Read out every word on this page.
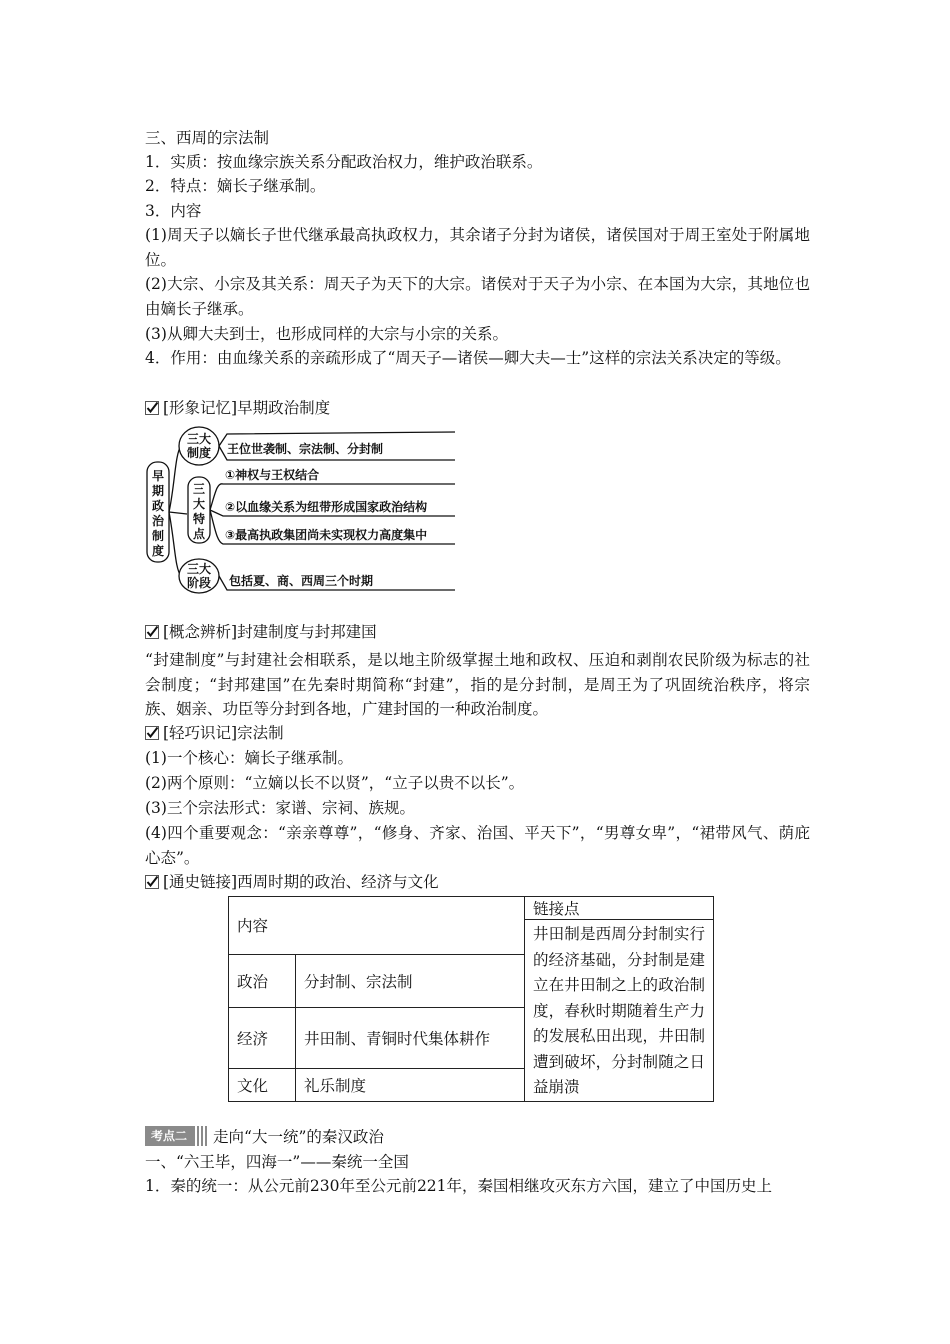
三、西周的宗法制
1．实质：按血缘宗族关系分配政治权力，维护政治联系。
2．特点：嫡长子继承制。
3．内容
(1)周天子以嫡长子世代继承最高执政权力，其余诸子分封为诸侯，诸侯国对于周王室处于附属地位。
(2)大宗、小宗及其关系：周天子为天下的大宗。诸侯对于天子为小宗、在本国为大宗，其地位也由嫡长子继承。
(3)从卿大夫到士，也形成同样的大宗与小宗的关系。
4．作用：由血缘关系的亲疏形成了“周天子—诸侯—卿大夫—士”这样的宗法关系决定的等级。
[形象记忆]早期政治制度
早
期
政
治
制
度
三大
制度 王位世袭制、宗法制、分封制
三
大
特
点
①神权与王权结合
②以血缘关系为纽带形成国家政治结构
③最高执政集团尚未实现权力高度集中
三大
阶段 包括夏、商、西周三个时期
[概念辨析]封建制度与封邦建国
“封建制度”与封建社会相联系，是以地主阶级掌握土地和政权、压迫和剥削农民阶级为标志的社会制度；“封邦建国”在先秦时期简称“封建”，指的是分封制，是周王为了巩固统治秩序，将宗族、姻亲、功臣等分封到各地，广建封国的一种政治制度。
[轻巧识记]宗法制
(1)一个核心：嫡长子继承制。
(2)两个原则：“立嫡以长不以贤”，“立子以贵不以长”。
(3)三个宗法形式：家谱、宗祠、族规。
(4)四个重要观念：“亲亲尊尊”，“修身、齐家、治国、平天下”，“男尊女卑”，“裙带风气、荫庇心态”。
[通史链接]西周时期的政治、经济与文化
内容		链接点
		井田制是西周分封制实行的经济基础，分封制是建立在井田制之上的政治制度，春秋时期随着生产力的发展私田出现，井田制遭到破坏，分封制随之日益崩溃
政治	分封制、宗法制	
经济	井田制、青铜时代集体耕作	
文化	礼乐制度	
考点二	走向“大一统”的秦汉政治
一、“六王毕，四海一”——秦统一全国
1．秦的统一：从公元前230年至公元前221年，秦国相继攻灭东方六国，建立了中国历史上
